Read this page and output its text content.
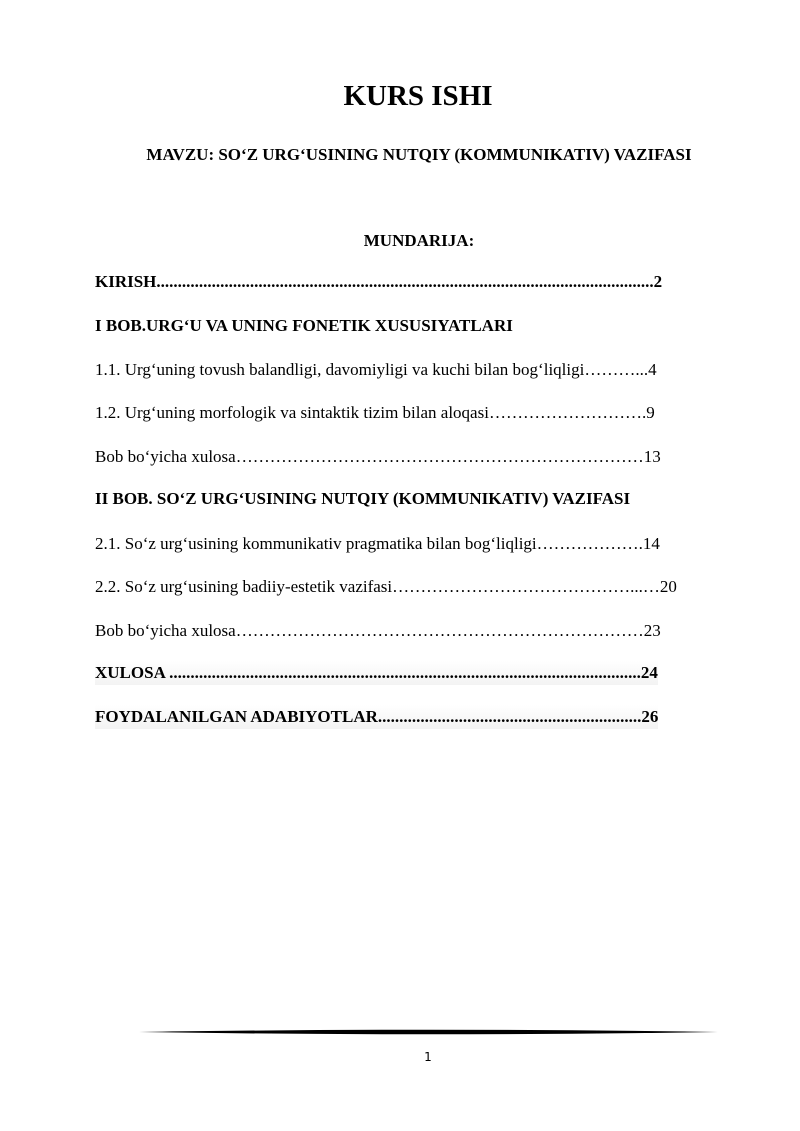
KURS ISHI
MAVZU: SO‘Z URG‘USINING NUTQIY (KOMMUNIKATIV) VAZIFASI
MUNDARIJA:
KIRISH.....................................................................................................................2
I BOB.URG‘U VA UNING FONETIK XUSUSIYATLARI
1.1. Urg‘uning tovush balandligi, davomiyligi va kuchi bilan bog‘liqligi………...4
1.2. Urg‘uning morfologik va sintaktik tizim bilan aloqasi……………………….9
Bob bo‘yicha xulosa………………………………………………………………13
II BOB. SO‘Z URG‘USINING NUTQIY (KOMMUNIKATIV) VAZIFASI
2.1. So‘z urg‘usining kommunikativ pragmatika bilan bog‘liqligi……………….14
2.2. So‘z urg‘usining badiiy-estetik vazifasi……………………………………...…20
Bob bo‘yicha xulosa………………………………………………………………23
XULOSA ...............................................................................................................24
FOYDALANILGAN ADABIYOTLAR..............................................................26
1
